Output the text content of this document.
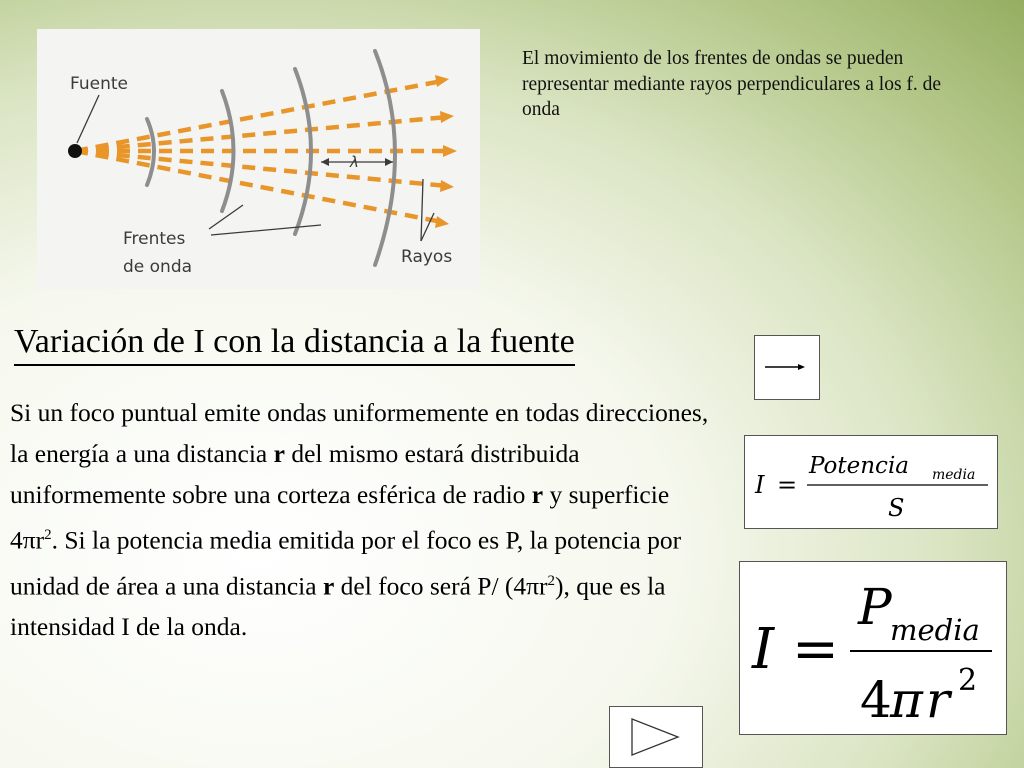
λ
Fuente
Frentes
de onda	Rayos
El movimiento de los frentes de ondas se pueden representar mediante rayos perpendiculares a los f. de onda
Variación de I con la distancia a la fuente

Si un foco puntual emite ondas uniformemente en todas direcciones, la energía a una distancia r del mismo estará distribuida uniformemente sobre una corteza esférica de radio r y superficie $4\pi r^2$. Si la potencia media emitida por el foco es P, la potencia por unidad de área a una distancia r del foco será P/ $(4\pi r^2)$, que es la intensidad I de la onda.

I =
Potencia media
S
I =
P
media
4
π r 2
